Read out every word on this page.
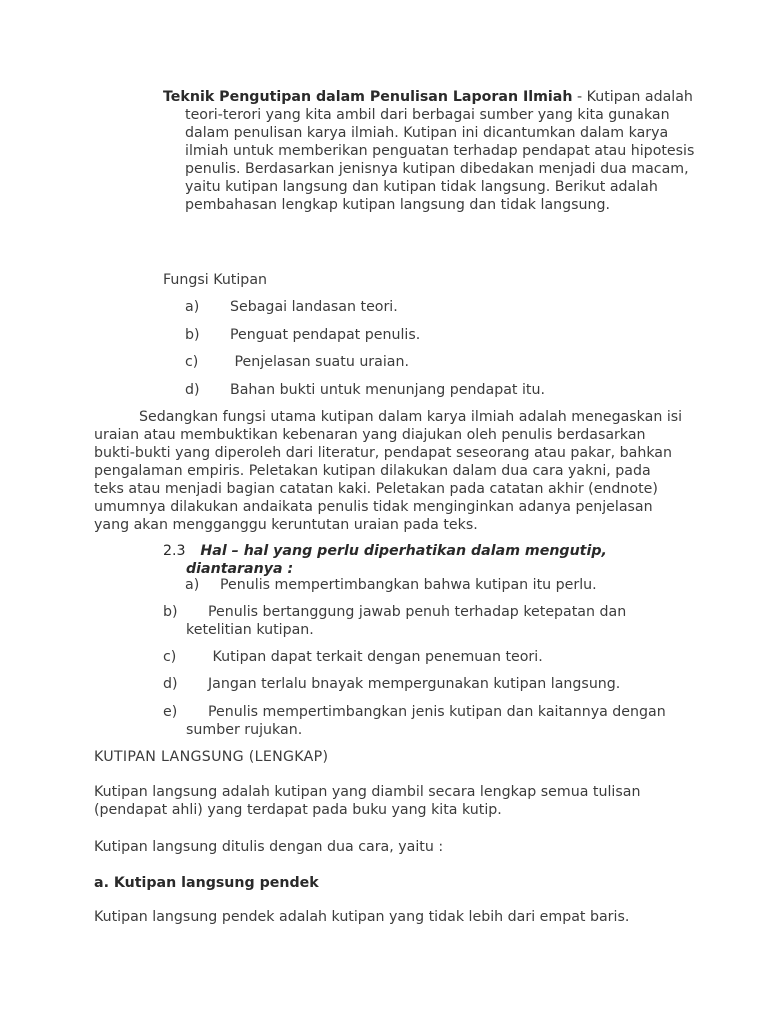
Teknik Pengutipan dalam Penulisan Laporan Ilmiah - Kutipan adalah teori-terori yang kita ambil dari berbagai sumber yang kita gunakan dalam penulisan karya ilmiah. Kutipan ini dicantumkan dalam karya ilmiah untuk memberikan penguatan terhadap pendapat atau hipotesis penulis. Berdasarkan jenisnya kutipan dibedakan menjadi dua macam, yaitu kutipan langsung dan kutipan tidak langsung. Berikut adalah pembahasan lengkap kutipan langsung dan tidak langsung.

Fungsi Kutipan

a)	Sebagai landasan teori.
b)	Penguat pendapat penulis.
c)	Penjelasan suatu uraian.
d)	Bahan bukti untuk menunjang pendapat itu.

Sedangkan fungsi utama kutipan dalam karya ilmiah adalah menegaskan isi uraian atau membuktikan kebenaran yang diajukan oleh penulis berdasarkan bukti-bukti yang diperoleh dari literatur, pendapat seseorang atau pakar, bahkan pengalaman empiris. Peletakan kutipan dilakukan dalam dua cara yakni, pada teks atau menjadi bagian catatan kaki. Peletakan pada catatan akhir (endnote) umumnya dilakukan andaikata penulis tidak menginginkan adanya penjelasan yang akan mengganggu keruntutan uraian pada teks.

2.3 Hal – hal yang perlu diperhatikan dalam mengutip, diantaranya :

a)	Penulis mempertimbangkan bahwa kutipan itu perlu.
b)	Penulis bertanggung jawab penuh terhadap ketepatan dan ketelitian kutipan.
c)	Kutipan dapat terkait dengan penemuan teori.
d)	Jangan terlalu bnayak mempergunakan kutipan langsung.
e)	Penulis mempertimbangkan jenis kutipan dan kaitannya dengan sumber rujukan.

KUTIPAN LANGSUNG (LENGKAP)

Kutipan langsung adalah kutipan yang diambil secara lengkap semua tulisan (pendapat ahli) yang terdapat pada buku yang kita kutip.

Kutipan langsung ditulis dengan dua cara, yaitu :

a. Kutipan langsung pendek

Kutipan langsung pendek adalah kutipan yang tidak lebih dari empat baris.
